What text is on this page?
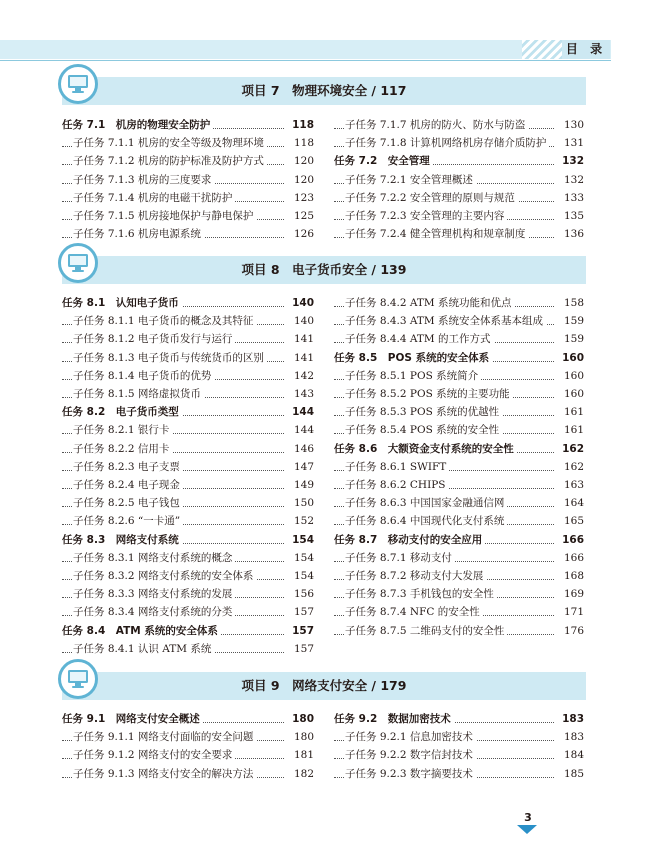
目 录
项目 7　物理环境安全 / 117
任务 7.1　机房的物理安全防护	118
子任务 7.1.1 机房的安全等级及物理环境	118
子任务 7.1.2 机房的防护标准及防护方式	120
子任务 7.1.3 机房的三度要求	120
子任务 7.1.4 机房的电磁干扰防护	123
子任务 7.1.5 机房接地保护与静电保护	125
子任务 7.1.6 机房电源系统	126
子任务 7.1.7 机房的防火、防水与防盗	130
子任务 7.1.8 计算机网络机房存储介质防护 131
任务 7.2　安全管理	132
子任务 7.2.1 安全管理概述	132
子任务 7.2.2 安全管理的原则与规范	133
子任务 7.2.3 安全管理的主要内容	135
子任务 7.2.4 健全管理机构和规章制度	136
项目 8　电子货币安全 / 139
任务 8.1　认知电子货币	140
子任务 8.1.1 电子货币的概念及其特征	140
子任务 8.1.2 电子货币发行与运行	141
子任务 8.1.3 电子货币与传统货币的区别	141
子任务 8.1.4 电子货币的优势	142
子任务 8.1.5 网络虚拟货币	143
任务 8.2　电子货币类型	144
子任务 8.2.1 银行卡	144
子任务 8.2.2 信用卡	146
子任务 8.2.3 电子支票	147
子任务 8.2.4 电子现金	149
子任务 8.2.5 电子钱包	150
子任务 8.2.6 “一卡通”	152
任务 8.3　网络支付系统	154
子任务 8.3.1 网络支付系统的概念	154
子任务 8.3.2 网络支付系统的安全体系	154
子任务 8.3.3 网络支付系统的发展	156
子任务 8.3.4 网络支付系统的分类	157
任务 8.4　ATM 系统的安全体系	157
子任务 8.4.1 认识 ATM 系统	157
子任务 8.4.2 ATM 系统功能和优点	158
子任务 8.4.3 ATM 系统安全体系基本组成 159
子任务 8.4.4 ATM 的工作方式	159
任务 8.5　POS 系统的安全体系	160
子任务 8.5.1 POS 系统简介	160
子任务 8.5.2 POS 系统的主要功能	160
子任务 8.5.3 POS 系统的优越性	161
子任务 8.5.4 POS 系统的安全性	161
任务 8.6　大额资金支付系统的安全性	162
子任务 8.6.1 SWIFT	162
子任务 8.6.2 CHIPS	163
子任务 8.6.3 中国国家金融通信网	164
子任务 8.6.4 中国现代化支付系统	165
任务 8.7　移动支付的安全应用	166
子任务 8.7.1 移动支付	166
子任务 8.7.2 移动支付大发展	168
子任务 8.7.3 手机钱包的安全性	169
子任务 8.7.4 NFC 的安全性	171
子任务 8.7.5 二维码支付的安全性	176
项目 9　网络支付安全 / 179
任务 9.1　网络支付安全概述	180
子任务 9.1.1 网络支付面临的安全问题	180
子任务 9.1.2 网络支付的安全要求	181
子任务 9.1.3 网络支付安全的解决方法	182
任务 9.2　数据加密技术	183
子任务 9.2.1 信息加密技术	183
子任务 9.2.2 数字信封技术	184
子任务 9.2.3 数字摘要技术	185
3
